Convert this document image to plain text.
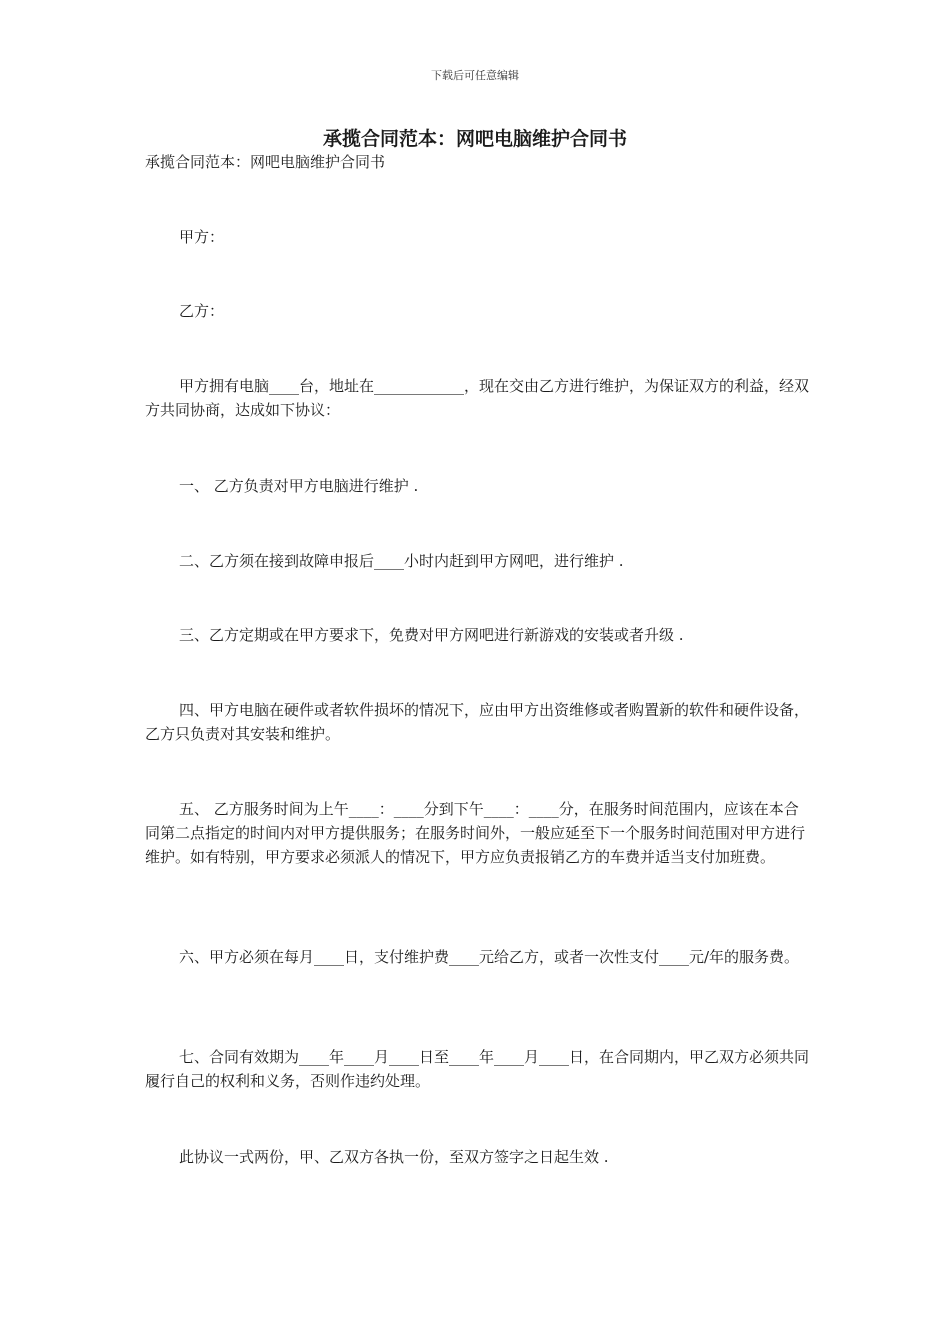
下载后可任意编辑
承揽合同范本：网吧电脑维护合同书

承揽合同范本：网吧电脑维护合同书

甲方：

乙方：

甲方拥有电脑____台，地址在____________，现在交由乙方进行维护，为保证双方的利益，经双方共同协商，达成如下协议：

一、 乙方负责对甲方电脑进行维护 .

二、乙方须在接到故障申报后____小时内赶到甲方网吧，进行维护 .

三、乙方定期或在甲方要求下，免费对甲方网吧进行新游戏的安装或者升级 .

四、甲方电脑在硬件或者软件损坏的情况下，应由甲方出资维修或者购置新的软件和硬件设备，乙方只负责对其安装和维护。

五、 乙方服务时间为上午____：____分到下午____：____分，在服务时间范围内，应该在本合同第二点指定的时间内对甲方提供服务；在服务时间外，一般应延至下一个服务时间范围对甲方进行维护。如有特别，甲方要求必须派人的情况下，甲方应负责报销乙方的车费并适当支付加班费。

六、甲方必须在每月____日，支付维护费____元给乙方，或者一次性支付____元/年的服务费。

七、合同有效期为____年____月____日至____年____月____日，在合同期内，甲乙双方必须共同履行自己的权利和义务，否则作违约处理。

此协议一式两份，甲、乙双方各执一份，至双方签字之日起生效 .
